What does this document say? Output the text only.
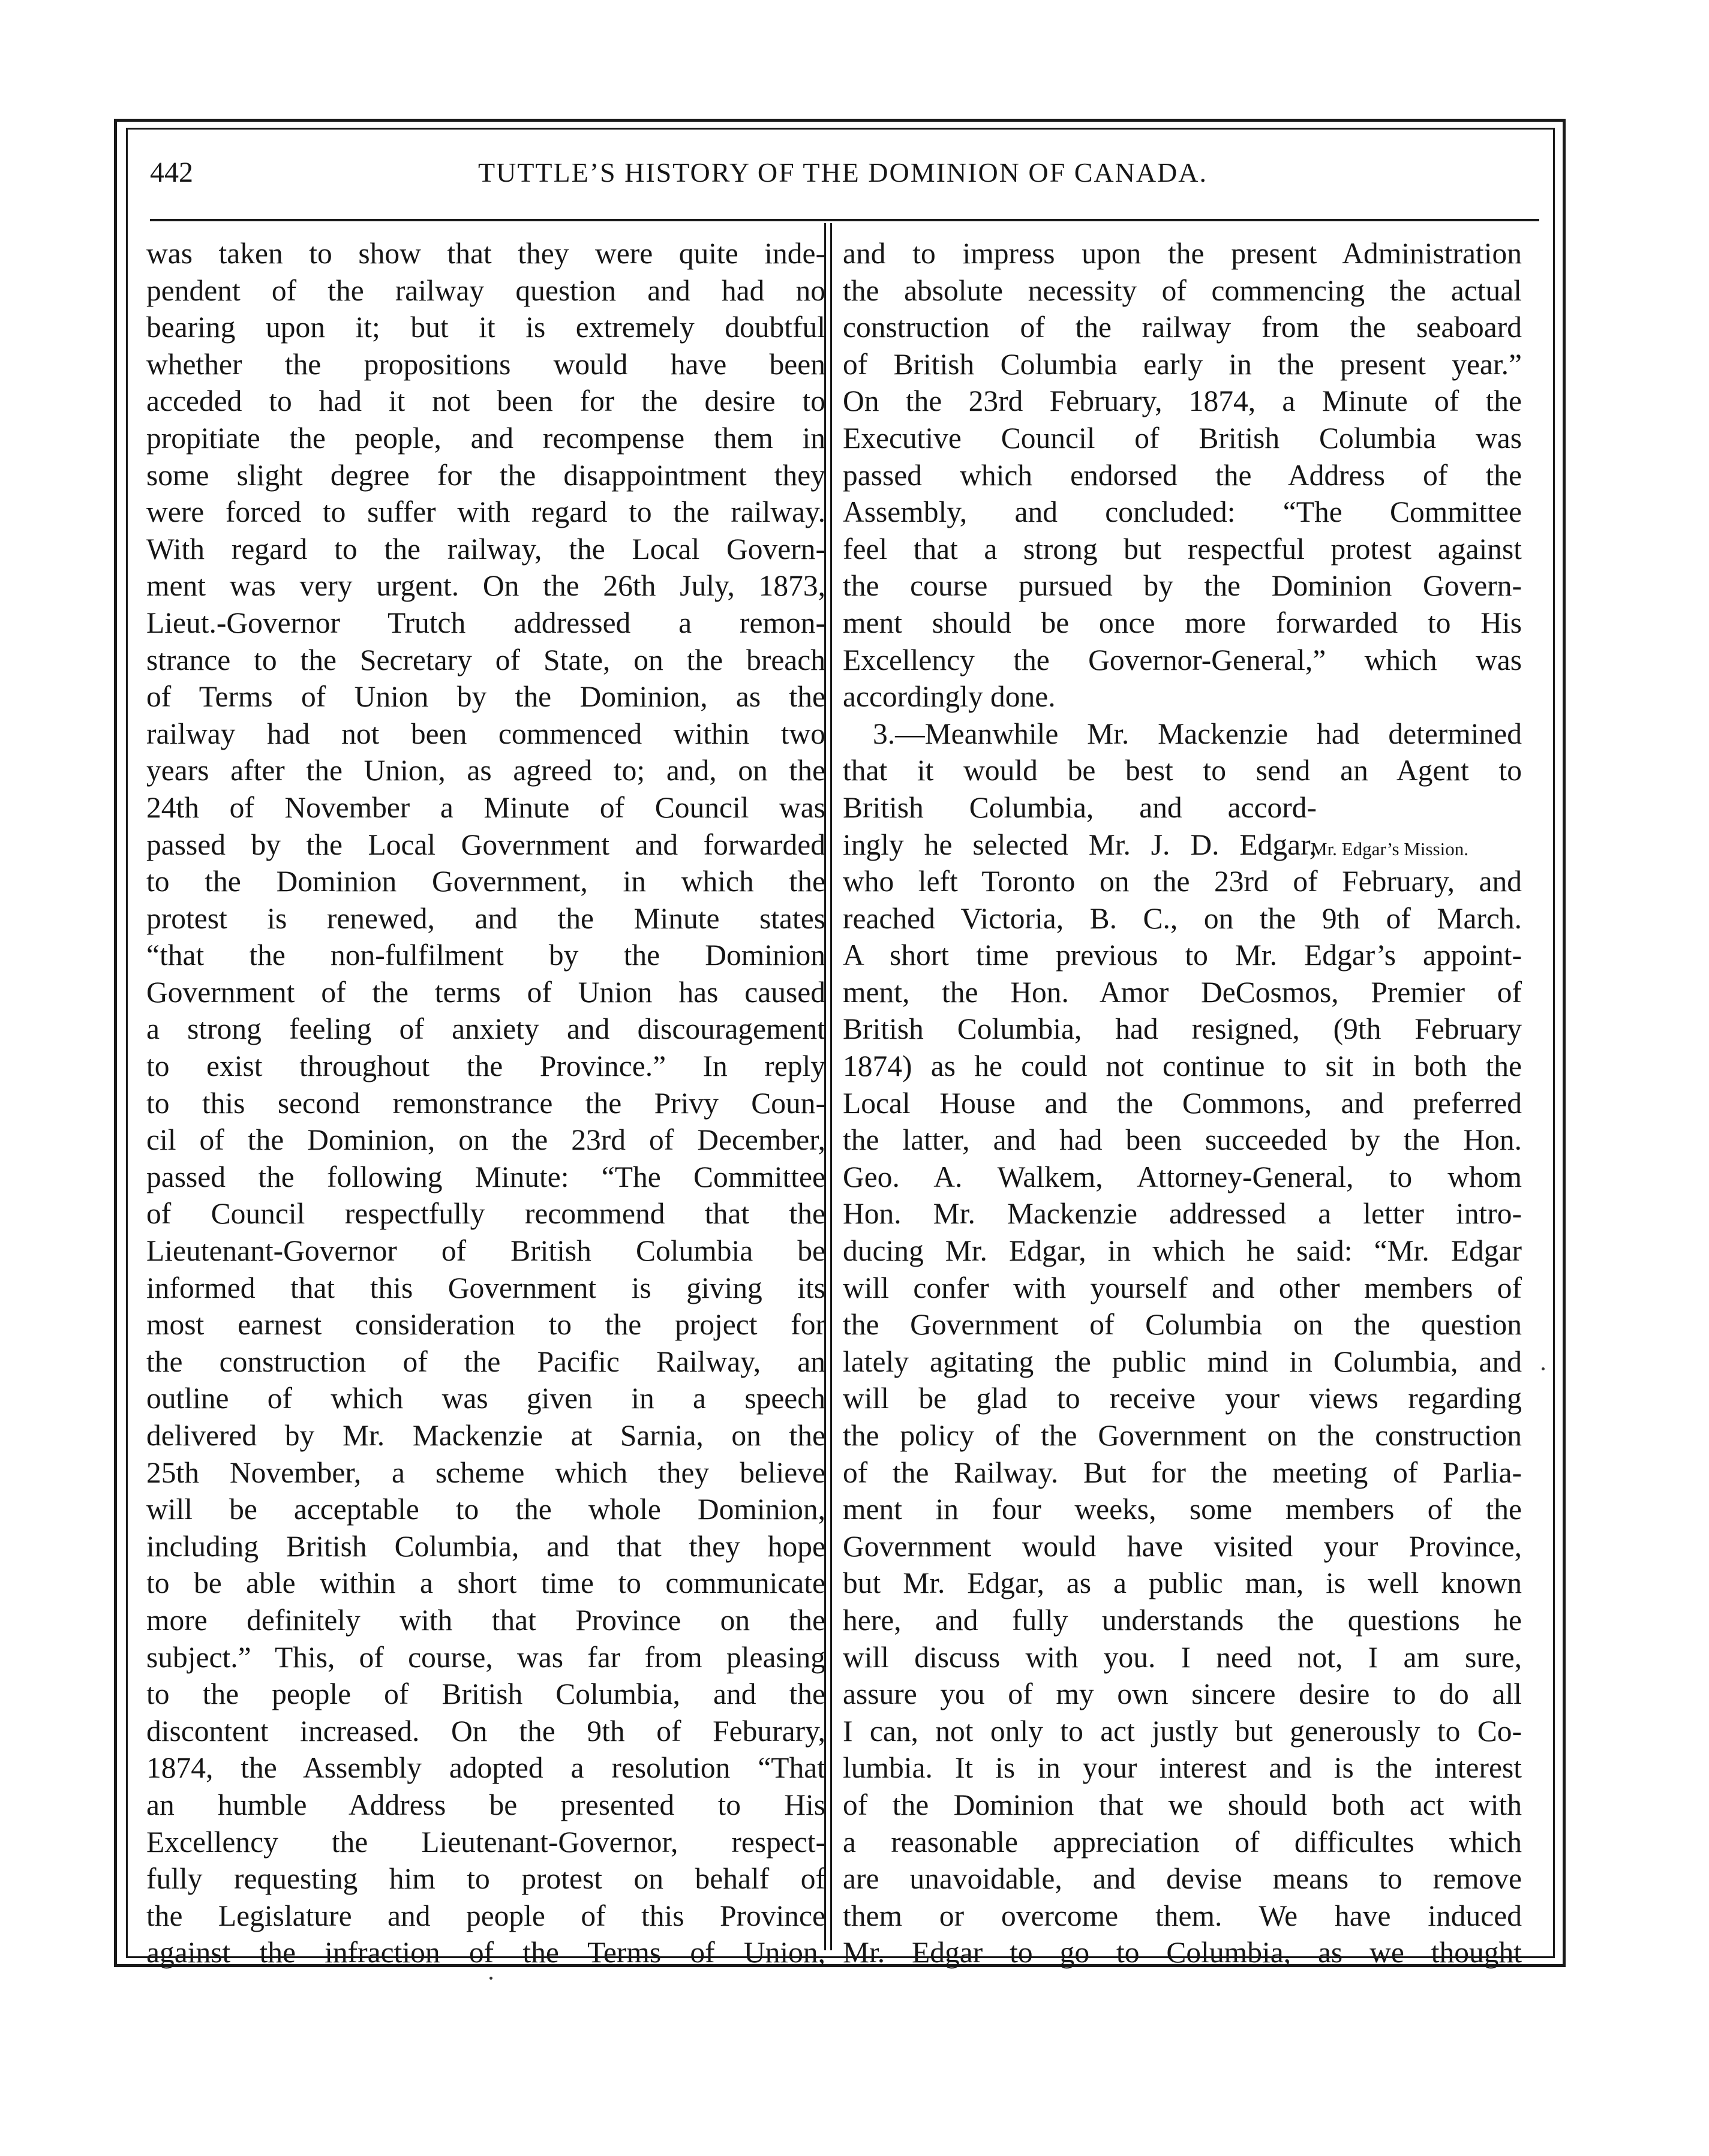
442	TUTTLE’S HISTORY OF THE DOMINION OF CANADA.
was taken to show that they were quite inde-
pendent of the railway question and had no
bearing upon it; but it is extremely doubtful
whether the propositions would have been
acceded to had it not been for the desire to
propitiate the people, and recompense them in
some slight degree for the disappointment they
were forced to suffer with regard to the railway.
With regard to the railway, the Local Govern-
ment was very urgent. On the 26th July, 1873,
Lieut.-Governor Trutch addressed a remon-
strance to the Secretary of State, on the breach
of Terms of Union by the Dominion, as the
railway had not been commenced within two
years after the Union, as agreed to; and, on the
24th of November a Minute of Council was
passed by the Local Government and forwarded
to the Dominion Government, in which the
protest is renewed, and the Minute states
“that the non-fulfilment by the Dominion
Government of the terms of Union has caused
a strong feeling of anxiety and discouragement
to exist throughout the Province.” In reply
to this second remonstrance the Privy Coun-
cil of the Dominion, on the 23rd of December,
passed the following Minute: “The Committee
of Council respectfully recommend that the
Lieutenant-Governor of British Columbia be
informed that this Government is giving its
most earnest consideration to the project for
the construction of the Pacific Railway, an
outline of which was given in a speech
delivered by Mr. Mackenzie at Sarnia, on the
25th November, a scheme which they believe
will be acceptable to the whole Dominion,
including British Columbia, and that they hope
to be able within a short time to communicate
more definitely with that Province on the
subject.” This, of course, was far from pleasing
to the people of British Columbia, and the
discontent increased. On the 9th of Feburary,
1874, the Assembly adopted a resolution “That
an humble Address be presented to His
Excellency the Lieutenant-Governor, respect-
fully requesting him to protest on behalf of
the Legislature and people of this Province
against the infraction of the Terms of Union,
and to impress upon the present Administration
the absolute necessity of commencing the actual
construction of the railway from the seaboard
of British Columbia early in the present year.”
On the 23rd February, 1874, a Minute of the
Executive Council of British Columbia was
passed which endorsed the Address of the
Assembly, and concluded: “The Committee
feel that a strong but respectful protest against
the course pursued by the Dominion Govern-
ment should be once more forwarded to His
Excellency the Governor-General,” which was
accordingly done.
3.—Meanwhile Mr. Mackenzie had determined
that it would be best to send an Agent to
British Columbia, and accord-
ingly he selected Mr. J. D. Edgar,
who left Toronto on the 23rd of February, and
reached Victoria, B. C., on the 9th of March.
A short time previous to Mr. Edgar’s appoint-
ment, the Hon. Amor DeCosmos, Premier of
British Columbia, had resigned, (9th February
1874) as he could not continue to sit in both the
Local House and the Commons, and preferred
the latter, and had been succeeded by the Hon.
Geo. A. Walkem, Attorney-General, to whom
Hon. Mr. Mackenzie addressed a letter intro-
ducing Mr. Edgar, in which he said: “Mr. Edgar
will confer with yourself and other members of
the Government of Columbia on the question
lately agitating the public mind in Columbia, and
will be glad to receive your views regarding
the policy of the Government on the construction
of the Railway. But for the meeting of Parlia-
ment in four weeks, some members of the
Government would have visited your Province,
but Mr. Edgar, as a public man, is well known
here, and fully understands the questions he
will discuss with you. I need not, I am sure,
assure you of my own sincere desire to do all
I can, not only to act justly but generously to Co-
lumbia. It is in your interest and is the interest
of the Dominion that we should both act with
a reasonable appreciation of difficultes which
are unavoidable, and devise means to remove
them or overcome them. We have induced
Mr. Edgar to go to Columbia, as we thought
Mr. Edgar’s Mission.
